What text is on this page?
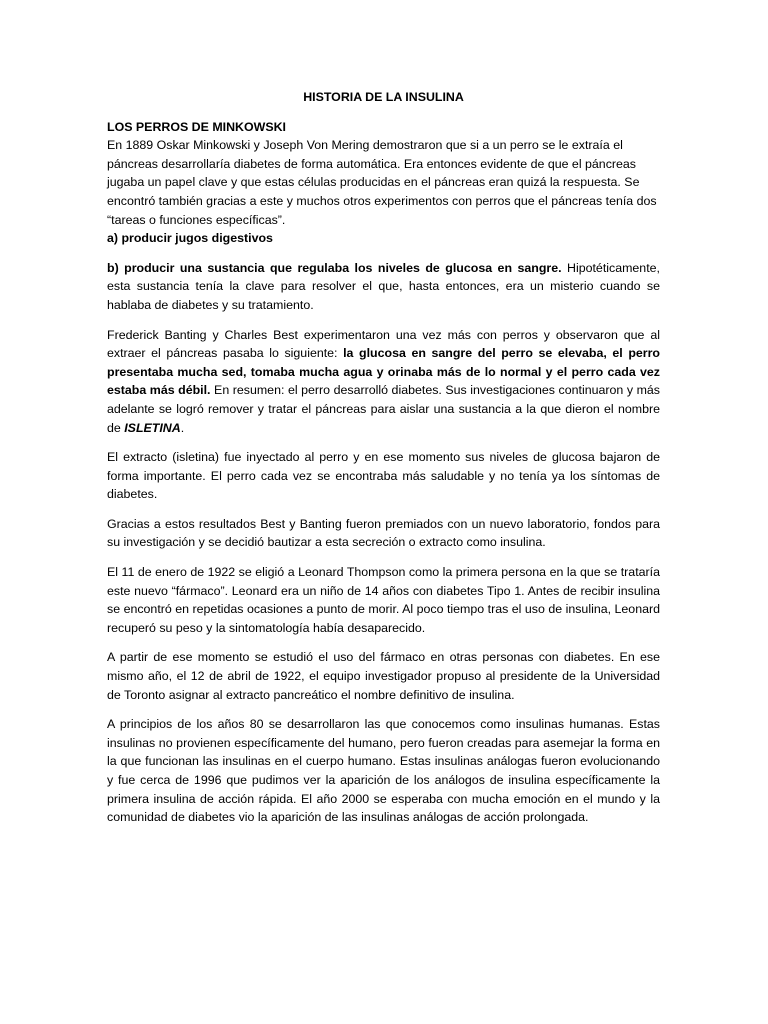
HISTORIA DE LA INSULINA
LOS PERROS DE MINKOWSKI

En 1889 Oskar Minkowski y Joseph Von Mering demostraron que si a un perro se le extraía el páncreas desarrollaría diabetes de forma automática. Era entonces evidente de que el páncreas jugaba un papel clave y que estas células producidas en el páncreas eran quizá la respuesta. Se encontró también gracias a este y muchos otros experimentos con perros que el páncreas tenía dos “tareas o funciones específicas”.

a) producir jugos digestivos

b) producir una sustancia que regulaba los niveles de glucosa en sangre. Hipotéticamente, esta sustancia tenía la clave para resolver el que, hasta entonces, era un misterio cuando se hablaba de diabetes y su tratamiento.

Frederick Banting y Charles Best experimentaron una vez más con perros y observaron que al extraer el páncreas pasaba lo siguiente: la glucosa en sangre del perro se elevaba, el perro presentaba mucha sed, tomaba mucha agua y orinaba más de lo normal y el perro cada vez estaba más débil. En resumen: el perro desarrolló diabetes. Sus investigaciones continuaron y más adelante se logró remover y tratar el páncreas para aislar una sustancia a la que dieron el nombre de ISLETINA.

El extracto (isletina) fue inyectado al perro y en ese momento sus niveles de glucosa bajaron de forma importante. El perro cada vez se encontraba más saludable y no tenía ya los síntomas de diabetes.

Gracias a estos resultados Best y Banting fueron premiados con un nuevo laboratorio, fondos para su investigación y se decidió bautizar a esta secreción o extracto como insulina.

El 11 de enero de 1922 se eligió a Leonard Thompson como la primera persona en la que se trataría este nuevo “fármaco”. Leonard era un niño de 14 años con diabetes Tipo 1. Antes de recibir insulina se encontró en repetidas ocasiones a punto de morir. Al poco tiempo tras el uso de insulina, Leonard recuperó su peso y la sintomatología había desaparecido.

A partir de ese momento se estudió el uso del fármaco en otras personas con diabetes. En ese mismo año, el 12 de abril de 1922, el equipo investigador propuso al presidente de la Universidad de Toronto asignar al extracto pancreático el nombre definitivo de insulina.

A principios de los años 80 se desarrollaron las que conocemos como insulinas humanas. Estas insulinas no provienen específicamente del humano, pero fueron creadas para asemejar la forma en la que funcionan las insulinas en el cuerpo humano. Estas insulinas análogas fueron evolucionando y fue cerca de 1996 que pudimos ver la aparición de los análogos de insulina específicamente la primera insulina de acción rápida. El año 2000 se esperaba con mucha emoción en el mundo y la comunidad de diabetes vio la aparición de las insulinas análogas de acción prolongada.
